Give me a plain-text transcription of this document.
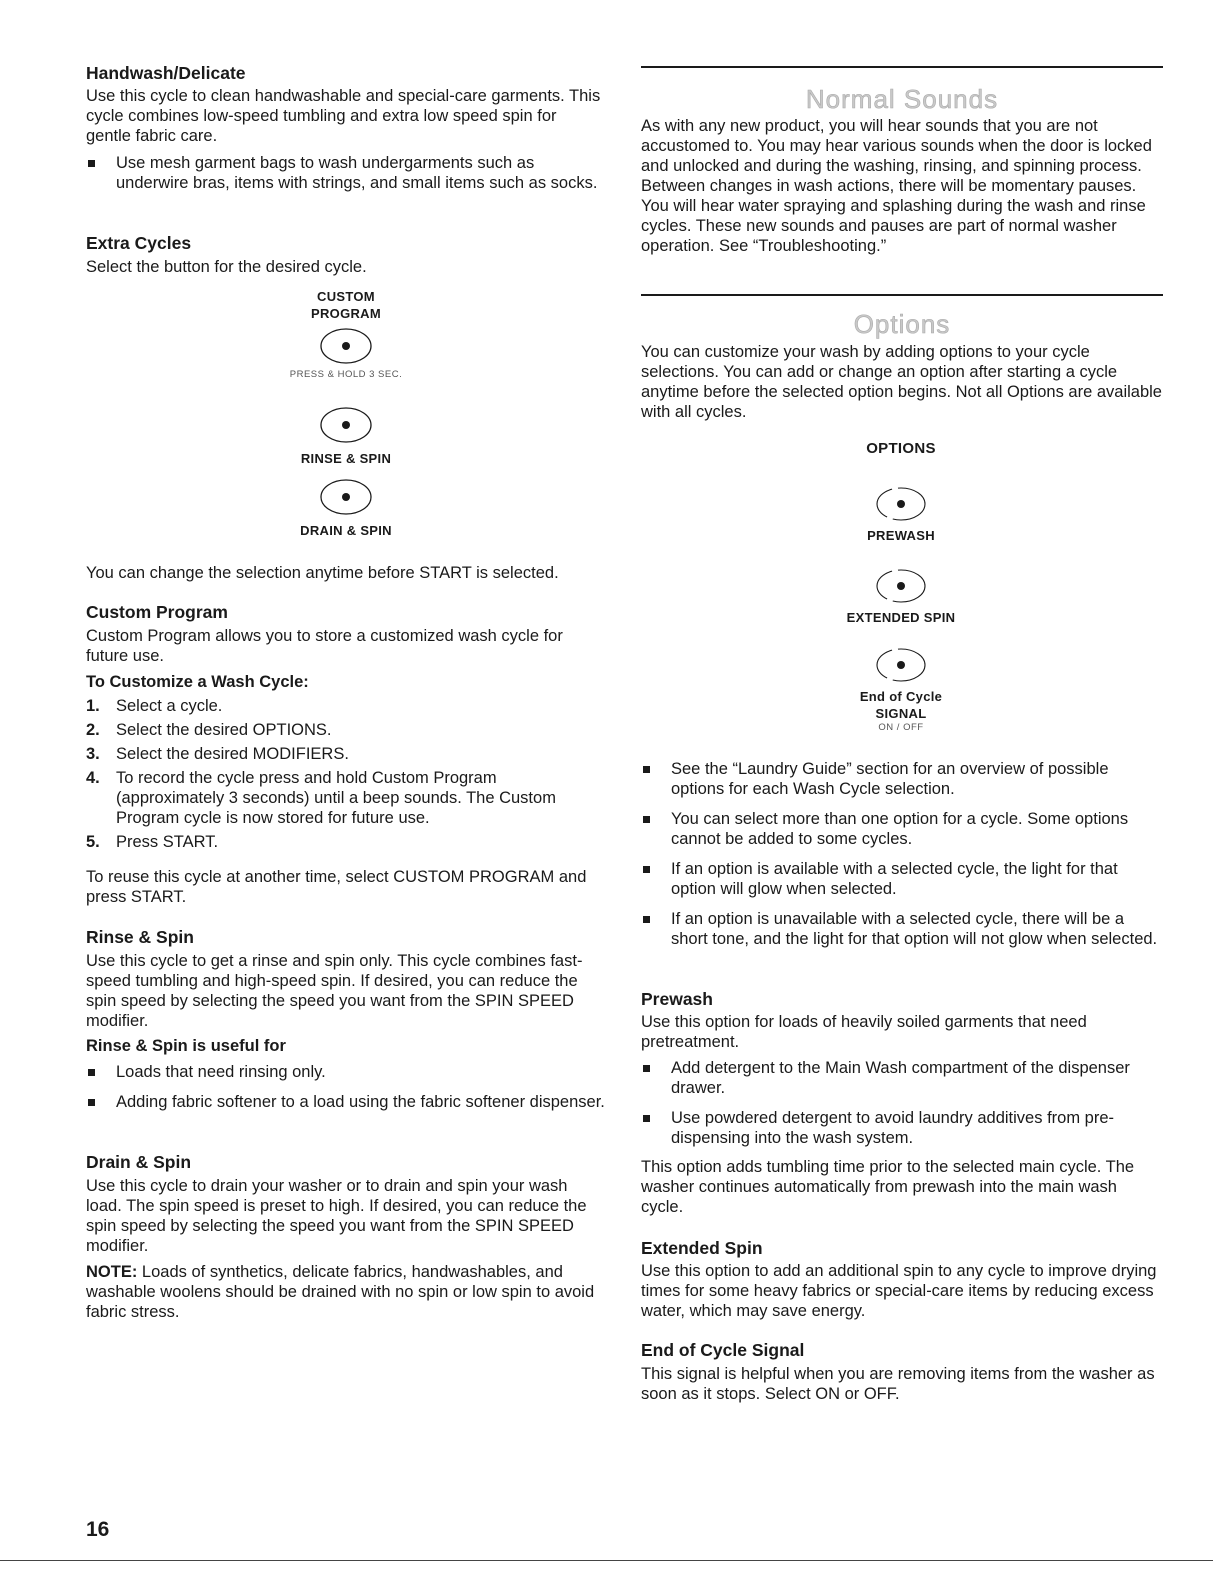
Handwash/Delicate

Use this cycle to clean handwashable and special-care garments. This cycle combines low-speed tumbling and extra low speed spin for gentle fabric care.

Use mesh garment bags to wash undergarments such as underwire bras, items with strings, and small items such as socks.
Extra Cycles

Select the button for the desired cycle.

CUSTOM
PROGRAM
PRESS & HOLD 3 SEC.
RINSE & SPIN
DRAIN & SPIN

You can change the selection anytime before START is selected.

Custom Program

Custom Program allows you to store a customized wash cycle for future use.

To Customize a Wash Cycle:
1. Select a cycle.
2. Select the desired OPTIONS.
3. Select the desired MODIFIERS.
4. To record the cycle press and hold Custom Program (approximately 3 seconds) until a beep sounds. The Custom Program cycle is now stored for future use.
5. Press START.

To reuse this cycle at another time, select CUSTOM PROGRAM and press START.

Rinse & Spin

Use this cycle to get a rinse and spin only. This cycle combines fast-speed tumbling and high-speed spin. If desired, you can reduce the spin speed by selecting the speed you want from the SPIN SPEED modifier.

Rinse & Spin is useful for
Loads that need rinsing only.
Adding fabric softener to a load using the fabric softener dispenser.
Drain & Spin

Use this cycle to drain your washer or to drain and spin your wash load. The spin speed is preset to high. If desired, you can reduce the spin speed by selecting the speed you want from the SPIN SPEED modifier.

NOTE: Loads of synthetics, delicate fabrics, handwashables, and washable woolens should be drained with no spin or low spin to avoid fabric stress.

16
Normal Sounds

As with any new product, you will hear sounds that you are not accustomed to. You may hear various sounds when the door is locked and unlocked and during the washing, rinsing, and spinning process. Between changes in wash actions, there will be momentary pauses. You will hear water spraying and splashing during the wash and rinse cycles. These new sounds and pauses are part of normal washer operation. See “Troubleshooting.”

Options

You can customize your wash by adding options to your cycle selections. You can add or change an option after starting a cycle anytime before the selected option begins. Not all Options are available with all cycles.

OPTIONS
PREWASH
EXTENDED SPIN
End of Cycle
SIGNAL
ON / OFF
See the “Laundry Guide” section for an overview of possible options for each Wash Cycle selection.
You can select more than one option for a cycle. Some options cannot be added to some cycles.
If an option is available with a selected cycle, the light for that option will glow when selected.
If an option is unavailable with a selected cycle, there will be a short tone, and the light for that option will not glow when selected.
Prewash

Use this option for loads of heavily soiled garments that need pretreatment.

Add detergent to the Main Wash compartment of the dispenser drawer.
Use powdered detergent to avoid laundry additives from pre-dispensing into the wash system.

This option adds tumbling time prior to the selected main cycle. The washer continues automatically from prewash into the main wash cycle.

Extended Spin

Use this option to add an additional spin to any cycle to improve drying times for some heavy fabrics or special-care items by reducing excess water, which may save energy.

End of Cycle Signal

This signal is helpful when you are removing items from the washer as soon as it stops. Select ON or OFF.
